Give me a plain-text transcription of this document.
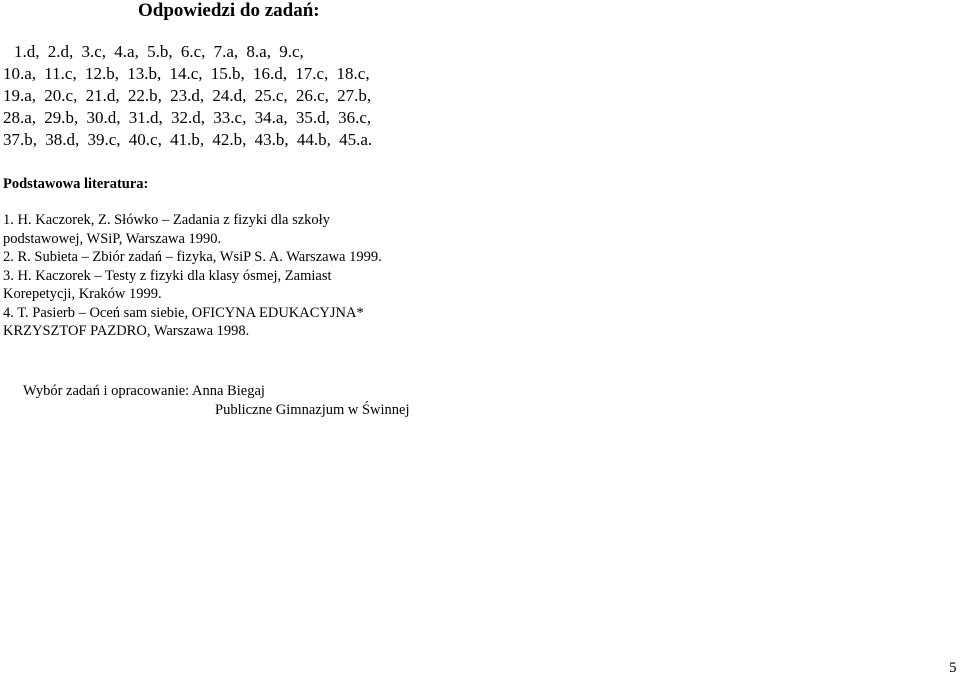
Odpowiedzi do zadań:
1.d, 2.d, 3.c, 4.a, 5.b, 6.c, 7.a, 8.a, 9.c,
10.a, 11.c, 12.b, 13.b, 14.c, 15.b, 16.d, 17.c, 18.c,
19.a, 20.c, 21.d, 22.b, 23.d, 24.d, 25.c, 26.c, 27.b,
28.a, 29.b, 30.d, 31.d, 32.d, 33.c, 34.a, 35.d, 36.c,
37.b, 38.d, 39.c, 40.c, 41.b, 42.b, 43.b, 44.b, 45.a.
Podstawowa literatura:
1. H. Kaczorek, Z. Słówko – Zadania z fizyki dla szkoły
podstawowej, WSiP, Warszawa 1990.
2. R. Subieta – Zbiór zadań – fizyka, WsiP S. A. Warszawa 1999.
3. H. Kaczorek – Testy z fizyki dla klasy ósmej, Zamiast
Korepetycji, Kraków 1999.
4. T. Pasierb – Oceń sam siebie, OFICYNA EDUKACYJNA*
KRZYSZTOF PAZDRO, Warszawa 1998.
Wybór zadań i opracowanie: Anna Biegaj
Publiczne Gimnazjum w Świnnej
5
